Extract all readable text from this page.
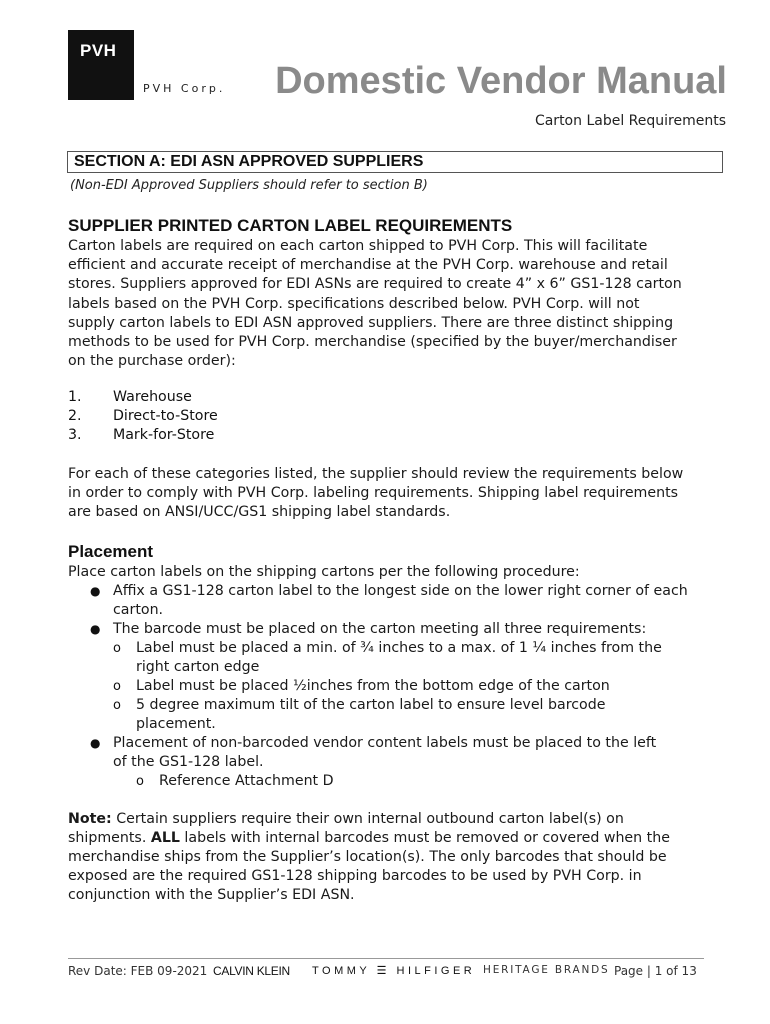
PVH
PVH Corp.	Domestic Vendor Manual
Carton Label Requirements
SECTION A: EDI ASN APPROVED SUPPLIERS
(Non-EDI Approved Suppliers should refer to section B)
SUPPLIER PRINTED CARTON LABEL REQUIREMENTS
Carton labels are required on each carton shipped to PVH Corp. This will facilitate
efficient and accurate receipt of merchandise at the PVH Corp. warehouse and retail
stores. Suppliers approved for EDI ASNs are required to create 4” x 6” GS1-128 carton
labels based on the PVH Corp. specifications described below. PVH Corp. will not
supply carton labels to EDI ASN approved suppliers. There are three distinct shipping
methods to be used for PVH Corp. merchandise (specified by the buyer/merchandiser
on the purchase order):
1. Warehouse
2. Direct-to-Store
3. Mark-for-Store
For each of these categories listed, the supplier should review the requirements below
in order to comply with PVH Corp. labeling requirements. Shipping label requirements
are based on ANSI/UCC/GS1 shipping label standards.
Placement
Place carton labels on the shipping cartons per the following procedure:
● Affix a GS1-128 carton label to the longest side on the lower right corner of each
carton.
● The barcode must be placed on the carton meeting all three requirements:
o Label must be placed a min. of ¾ inches to a max. of 1 ¼ inches from the
right carton edge
o Label must be placed ½inches from the bottom edge of the carton
o 5 degree maximum tilt of the carton label to ensure level barcode
placement.
● Placement of non-barcoded vendor content labels must be placed to the left
of the GS1-128 label.
o Reference Attachment D
Note: Certain suppliers require their own internal outbound carton label(s) on
shipments. ALL labels with internal barcodes must be removed or covered when the
merchandise ships from the Supplier’s location(s). The only barcodes that should be
exposed are the required GS1-128 shipping barcodes to be used by PVH Corp. in
conjunction with the Supplier’s EDI ASN.
Rev Date: FEB 09-2021 CALVIN KLEIN TOMMY ☰ HILFIGER HERITAGE BRANDS Page | 1 of 13
